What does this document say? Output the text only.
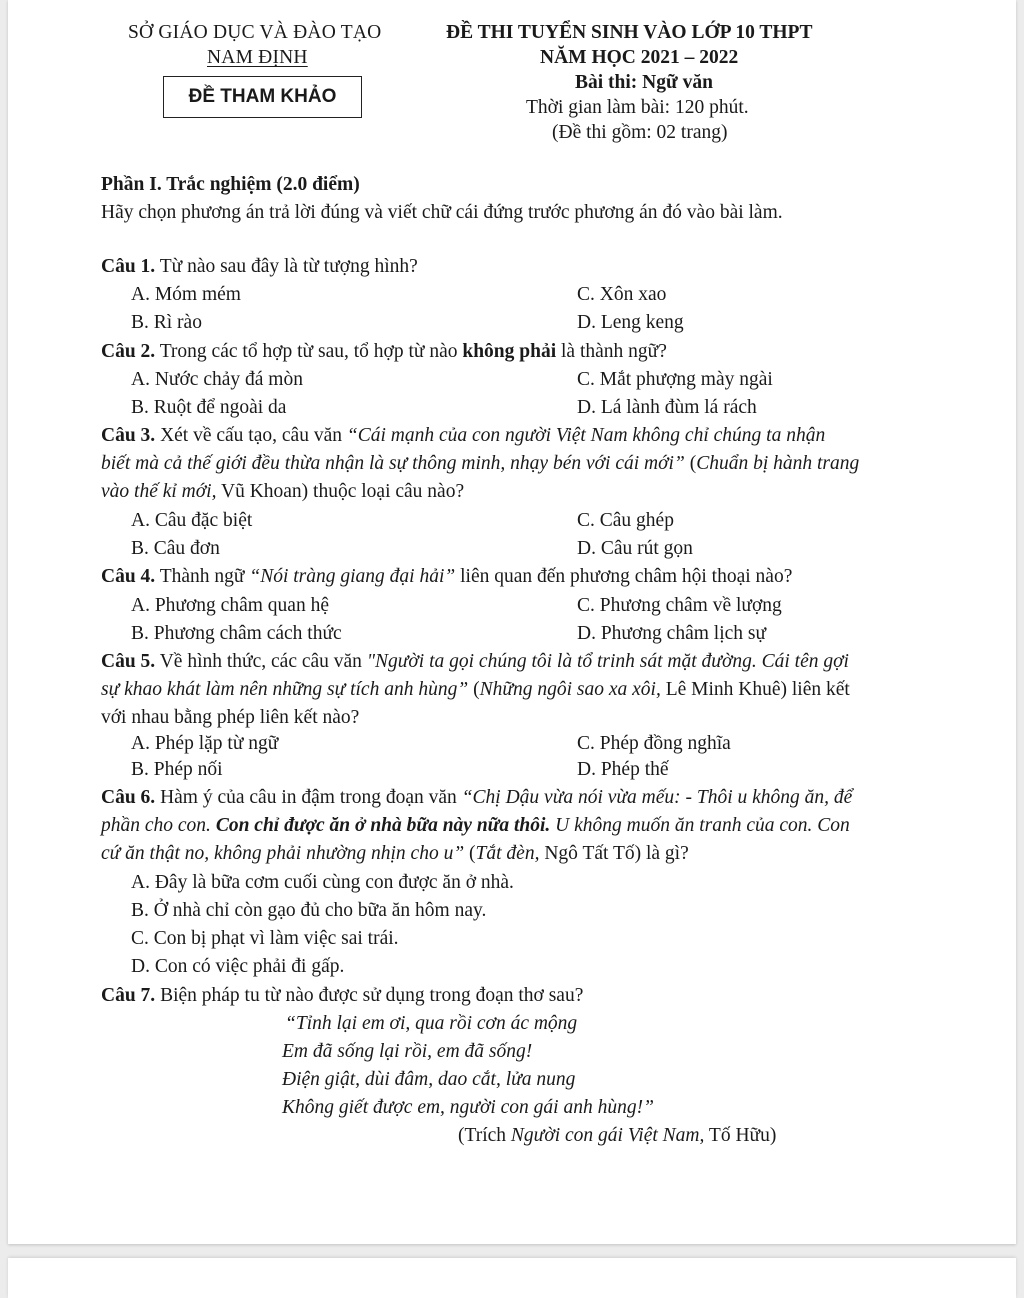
SỞ GIÁO DỤC VÀ ĐÀO TẠO
NAM ĐỊNH
ĐỀ THAM KHẢO
ĐỀ THI TUYỂN SINH VÀO LỚP 10 THPT
NĂM HỌC 2021 – 2022
Bài thi: Ngữ văn
Thời gian làm bài: 120 phút.
(Đề thi gồm: 02 trang)
Phần I. Trắc nghiệm (2.0 điểm)
Hãy chọn phương án trả lời đúng và viết chữ cái đứng trước phương án đó vào bài làm.
Câu 1. Từ nào sau đây là từ tượng hình?
A. Móm mém	C. Xôn xao
B. Rì rào	D. Leng keng
Câu 2. Trong các tổ hợp từ sau, tổ hợp từ nào không phải là thành ngữ?
A. Nước chảy đá mòn	C. Mắt phượng mày ngài
B. Ruột để ngoài da	D. Lá lành đùm lá rách
Câu 3. Xét về cấu tạo, câu văn “Cái mạnh của con người Việt Nam không chỉ chúng ta nhận
biết mà cả thế giới đều thừa nhận là sự thông minh, nhạy bén với cái mới” (Chuẩn bị hành trang
vào thế kỉ mới, Vũ Khoan) thuộc loại câu nào?
A. Câu đặc biệt	C. Câu ghép
B. Câu đơn	D. Câu rút gọn
Câu 4. Thành ngữ “Nói tràng giang đại hải” liên quan đến phương châm hội thoại nào?
A. Phương châm quan hệ	C. Phương châm về lượng
B. Phương châm cách thức	D. Phương châm lịch sự
Câu 5. Về hình thức, các câu văn "Người ta gọi chúng tôi là tổ trinh sát mặt đường. Cái tên gợi
sự khao khát làm nên những sự tích anh hùng” (Những ngôi sao xa xôi, Lê Minh Khuê) liên kết
với nhau bằng phép liên kết nào?
A. Phép lặp từ ngữ	C. Phép đồng nghĩa
B. Phép nối	D. Phép thế
Câu 6. Hàm ý của câu in đậm trong đoạn văn “Chị Dậu vừa nói vừa mếu: - Thôi u không ăn, để
phần cho con. Con chỉ được ăn ở nhà bữa này nữa thôi. U không muốn ăn tranh của con. Con
cứ ăn thật no, không phải nhường nhịn cho u” (Tắt đèn, Ngô Tất Tố) là gì?
A. Đây là bữa cơm cuối cùng con được ăn ở nhà.
B. Ở nhà chỉ còn gạo đủ cho bữa ăn hôm nay.
C. Con bị phạt vì làm việc sai trái.
D. Con có việc phải đi gấp.
Câu 7. Biện pháp tu từ nào được sử dụng trong đoạn thơ sau?
“Tỉnh lại em ơi, qua rồi cơn ác mộng
Em đã sống lại rồi, em đã sống!
Điện giật, dùi đâm, dao cắt, lửa nung
Không giết được em, người con gái anh hùng!”
(Trích Người con gái Việt Nam, Tố Hữu)
